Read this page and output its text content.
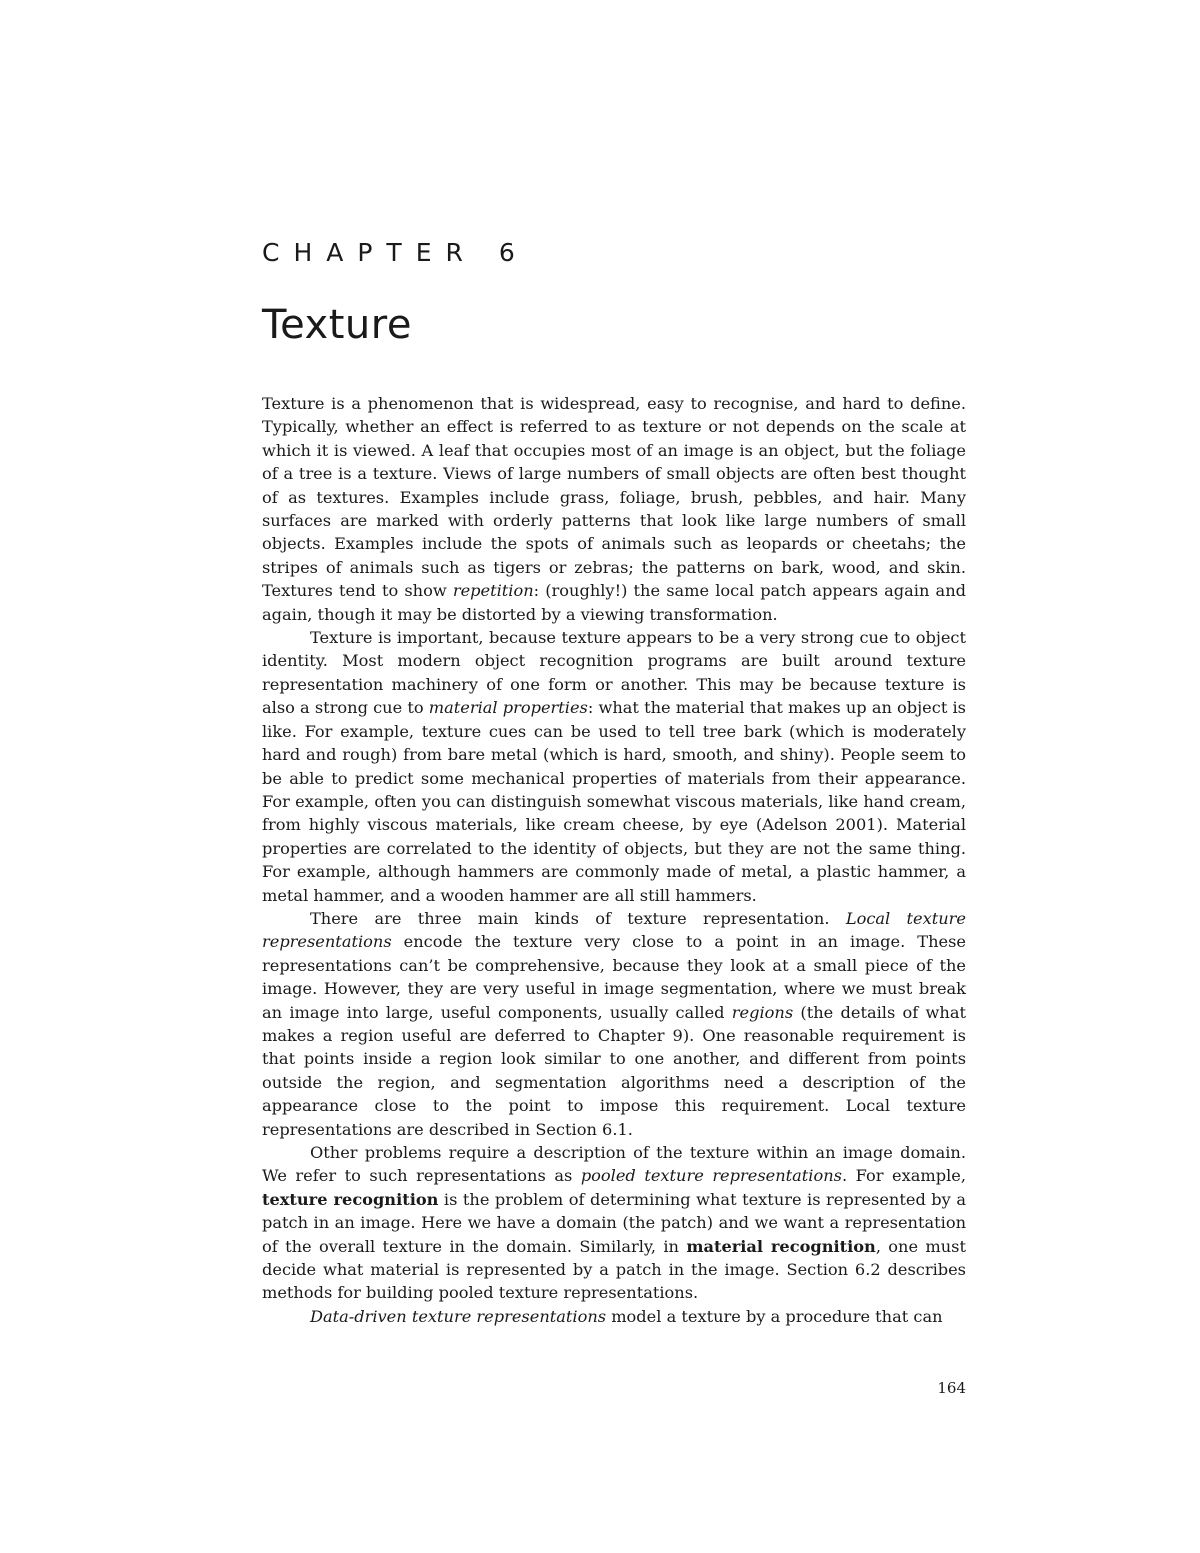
CHAPTER 6
Texture

Texture is a phenomenon that is widespread, easy to recognise, and hard to define. Typically, whether an effect is referred to as texture or not depends on the scale at which it is viewed. A leaf that occupies most of an image is an object, but the foliage of a tree is a texture. Views of large numbers of small objects are often best thought of as textures. Examples include grass, foliage, brush, pebbles, and hair. Many surfaces are marked with orderly patterns that look like large numbers of small objects. Examples include the spots of animals such as leopards or cheetahs; the stripes of animals such as tigers or zebras; the patterns on bark, wood, and skin. Textures tend to show repetition: (roughly!) the same local patch appears again and again, though it may be distorted by a viewing transformation.

Texture is important, because texture appears to be a very strong cue to object identity. Most modern object recognition programs are built around texture representation machinery of one form or another. This may be because texture is also a strong cue to material properties: what the material that makes up an object is like. For example, texture cues can be used to tell tree bark (which is moderately hard and rough) from bare metal (which is hard, smooth, and shiny). People seem to be able to predict some mechanical properties of materials from their appearance. For example, often you can distinguish somewhat viscous materials, like hand cream, from highly viscous materials, like cream cheese, by eye (Adelson 2001). Material properties are correlated to the identity of objects, but they are not the same thing. For example, although hammers are commonly made of metal, a plastic hammer, a metal hammer, and a wooden hammer are all still hammers.

There are three main kinds of texture representation. Local texture representations encode the texture very close to a point in an image. These representations can’t be comprehensive, because they look at a small piece of the image. However, they are very useful in image segmentation, where we must break an image into large, useful components, usually called regions (the details of what makes a region useful are deferred to Chapter 9). One reasonable requirement is that points inside a region look similar to one another, and different from points outside the region, and segmentation algorithms need a description of the appearance close to the point to impose this requirement. Local texture representations are described in Section 6.1.

Other problems require a description of the texture within an image domain. We refer to such representations as pooled texture representations. For example, texture recognition is the problem of determining what texture is represented by a patch in an image. Here we have a domain (the patch) and we want a representation of the overall texture in the domain. Similarly, in material recognition, one must decide what material is represented by a patch in the image. Section 6.2 describes methods for building pooled texture representations.

Data-driven texture representations model a texture by a procedure that can

164
